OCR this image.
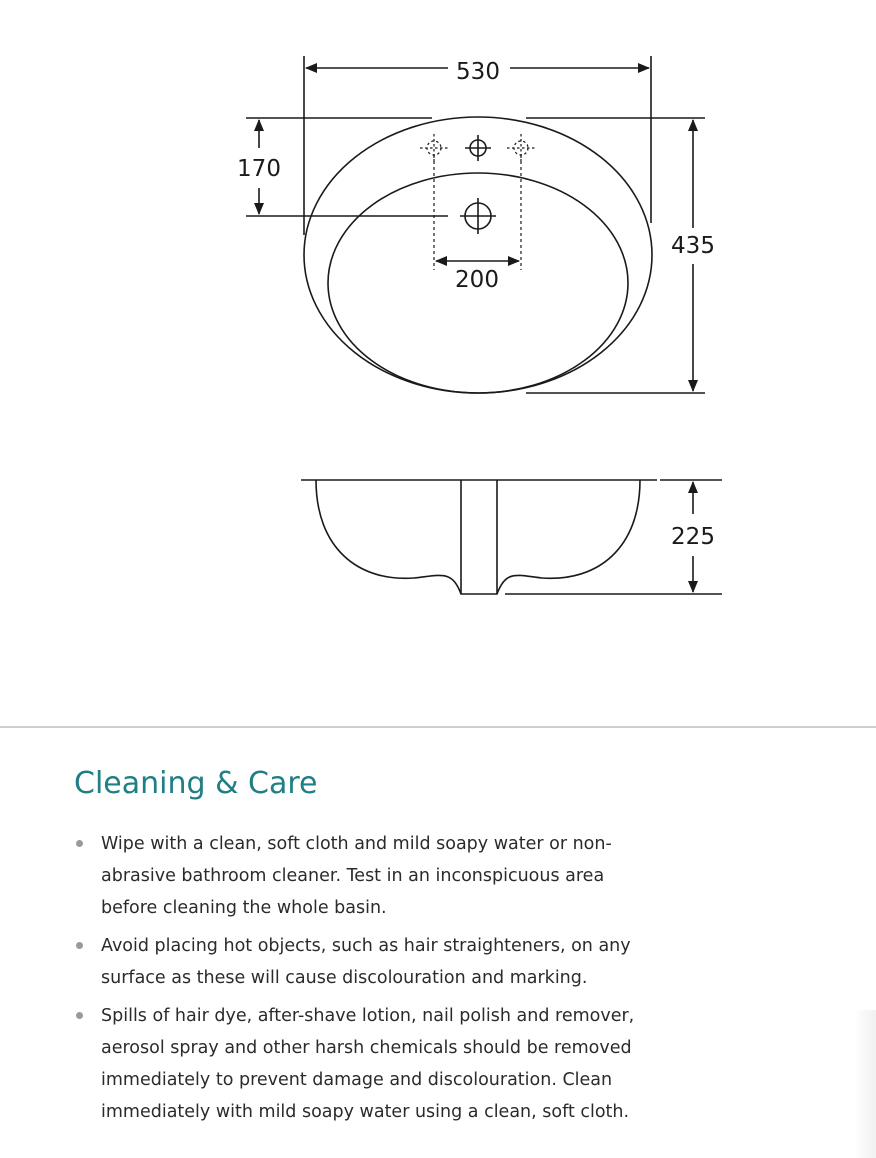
530
170
435
200
225
Cleaning & Care
Wipe with a clean, soft cloth and mild soapy water or non-
abrasive bathroom cleaner. Test in an inconspicuous area
before cleaning the whole basin.
Avoid placing hot objects, such as hair straighteners, on any
surface as these will cause discolouration and marking.
Spills of hair dye, after-shave lotion, nail polish and remover,
aerosol spray and other harsh chemicals should be removed
immediately to prevent damage and discolouration. Clean
immediately with mild soapy water using a clean, soft cloth.
